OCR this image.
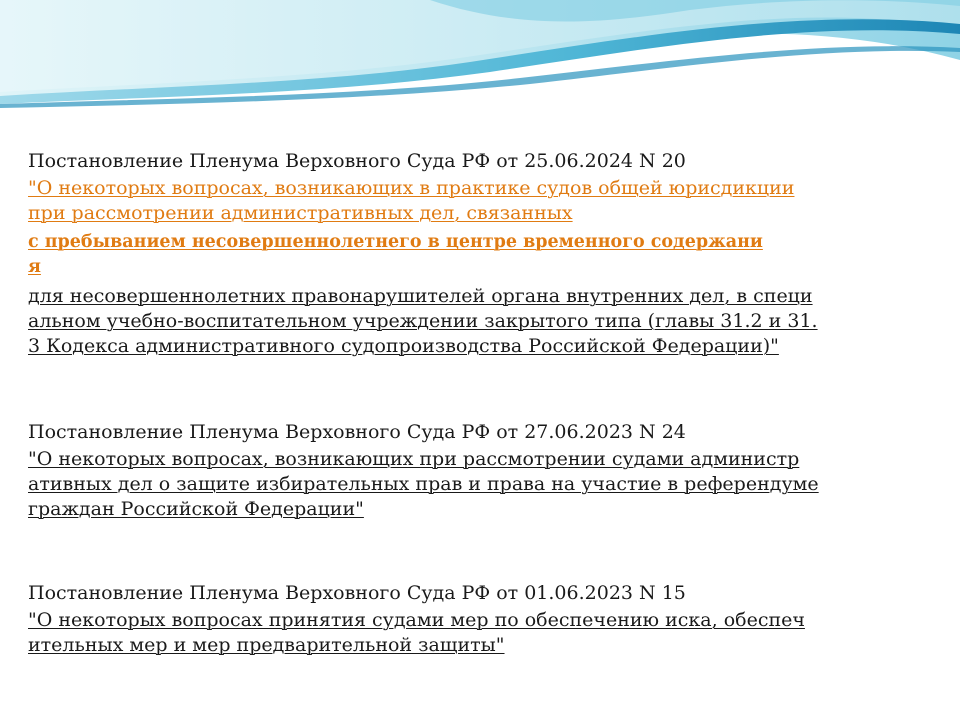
Постановление Пленума Верховного Суда РФ от 25.06.2024 N 20
"О некоторых вопросах, возникающих в практике судов общей юрисдикции
при рассмотрении административных дел, связанных
с пребыванием несовершеннолетнего в центре временного содержани
я
для несовершеннолетних правонарушителей органа внутренних дел, в специ
альном учебно-воспитательном учреждении закрытого типа (главы 31.2 и 31.
3 Кодекса административного судопроизводства Российской Федерации)"
Постановление Пленума Верховного Суда РФ от 27.06.2023 N 24
"О некоторых вопросах, возникающих при рассмотрении судами администр
ативных дел о защите избирательных прав и права на участие в референдуме
граждан Российской Федерации"
Постановление Пленума Верховного Суда РФ от 01.06.2023 N 15
"О некоторых вопросах принятия судами мер по обеспечению иска, обеспеч
ительных мер и мер предварительной защиты"
